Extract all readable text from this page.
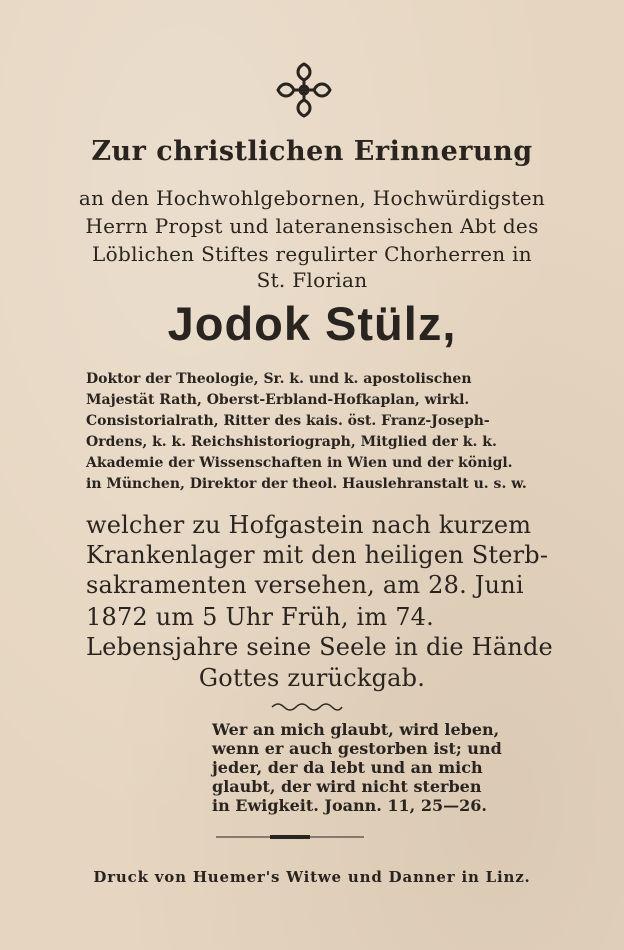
Zur christlichen Erinnerung
an den Hochwohlgebornen, Hochwürdigsten
Herrn Propst und lateranensischen Abt des
Löblichen Stiftes regulirter Chorherren in
St. Florian
Jodok Stülz,
Doktor der Theologie, Sr. k. und k. apostolischen
Majestät Rath, Oberst-Erbland-Hofkaplan, wirkl.
Consistorialrath, Ritter des kais. öst. Franz-Joseph-
Ordens, k. k. Reichshistoriograph, Mitglied der k. k.
Akademie der Wissenschaften in Wien und der königl.
in München, Direktor der theol. Hauslehranstalt u. s. w.
welcher zu Hofgastein nach kurzem
Krankenlager mit den heiligen Sterb-
sakramenten versehen, am 28. Juni
1872 um 5 Uhr Früh, im 74.
Lebensjahre seine Seele in die Hände
Gottes zurückgab.
Wer an mich glaubt, wird leben,
wenn er auch gestorben ist; und
jeder, der da lebt und an mich
glaubt, der wird nicht sterben
in Ewigkeit. Joann. 11, 25—26.
Druck von Huemer's Witwe und Danner in Linz.
